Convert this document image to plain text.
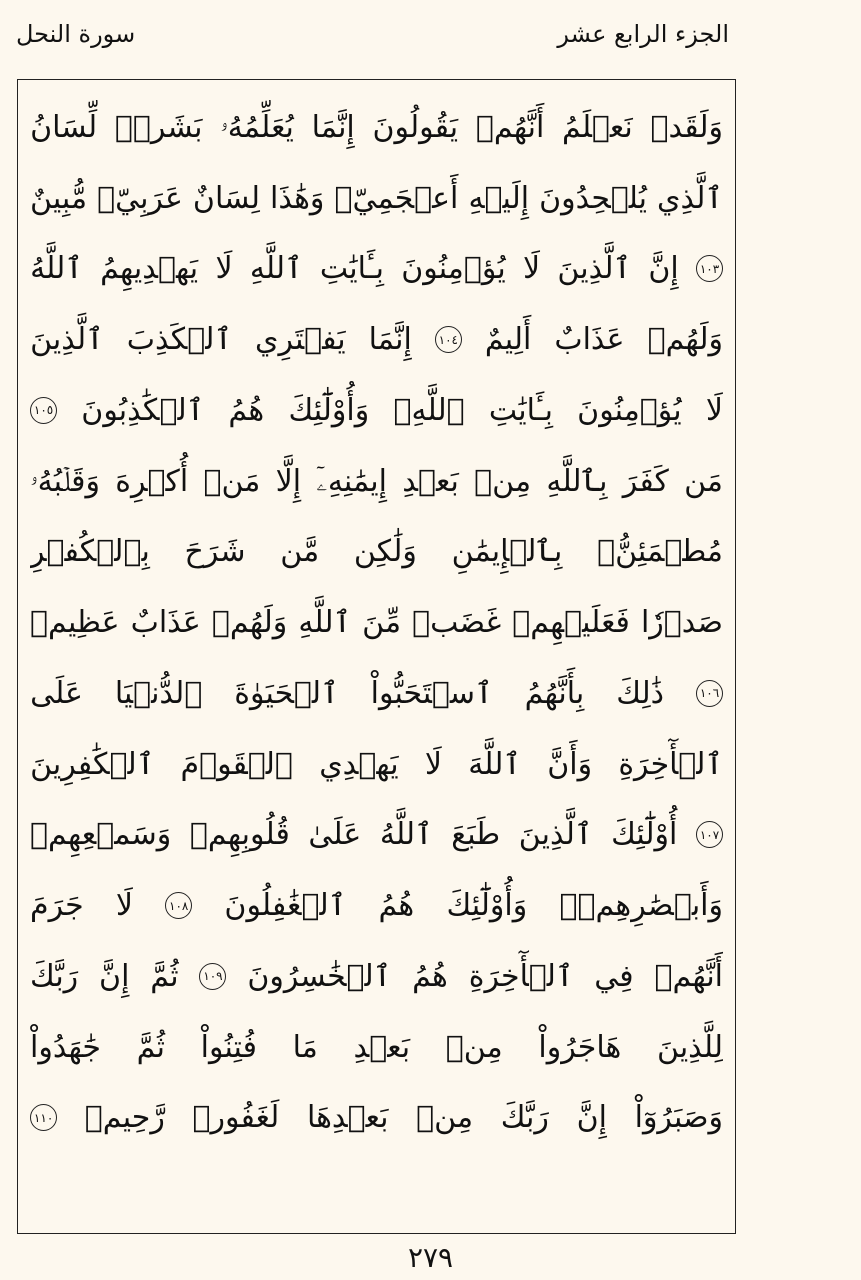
الجزء الرابع عشر
سورة النحل
وَلَقَدۡ
نَعۡلَمُ
أَنَّهُمۡ
يَقُولُونَ
إِنَّمَا
يُعَلِّمُهُۥ
بَشَرٞۗ
لِّسَانُ
ٱلَّذِي
يُلۡحِدُونَ
إِلَيۡهِ
أَعۡجَمِيّٞ
وَهَٰذَا
لِسَانٌ
عَرَبِيّٞ
مُّبِينٌ
١٠٣
إِنَّ
ٱلَّذِينَ
لَا
يُؤۡمِنُونَ
بِـَٔايَٰتِ
ٱللَّهِ
لَا
يَهۡدِيهِمُ
ٱللَّهُ
وَلَهُمۡ
عَذَابٌ
أَلِيمٌ
١٠٤
إِنَّمَا
يَفۡتَرِي
ٱلۡكَذِبَ
ٱلَّذِينَ
لَا
يُؤۡمِنُونَ
بِـَٔايَٰتِ
ٱللَّهِۖ
وَأُوْلَٰٓئِكَ
هُمُ
ٱلۡكَٰذِبُونَ
١٠٥
مَن
كَفَرَ
بِٱللَّهِ
مِنۢ
بَعۡدِ
إِيمَٰنِهِۦٓ
إِلَّا
مَنۡ
أُكۡرِهَ
وَقَلۡبُهُۥ
مُطۡمَئِنُّۢ
بِٱلۡإِيمَٰنِ
وَلَٰكِن
مَّن
شَرَحَ
بِٱلۡكُفۡرِ
صَدۡرٗا
فَعَلَيۡهِمۡ
غَضَبٞ
مِّنَ
ٱللَّهِ
وَلَهُمۡ
عَذَابٌ
عَظِيمٞ
١٠٦
ذَٰلِكَ
بِأَنَّهُمُ
ٱسۡتَحَبُّواْ
ٱلۡحَيَوٰةَ
ٱلدُّنۡيَا
عَلَى
ٱلۡأٓخِرَةِ
وَأَنَّ
ٱللَّهَ
لَا
يَهۡدِي
ٱلۡقَوۡمَ
ٱلۡكَٰفِرِينَ
١٠٧
أُوْلَٰٓئِكَ
ٱلَّذِينَ
طَبَعَ
ٱللَّهُ
عَلَىٰ
قُلُوبِهِمۡ
وَسَمۡعِهِمۡ
وَأَبۡصَٰرِهِمۡۖ
وَأُوْلَٰٓئِكَ
هُمُ
ٱلۡغَٰفِلُونَ
١٠٨
لَا
جَرَمَ
أَنَّهُمۡ
فِي
ٱلۡأٓخِرَةِ
هُمُ
ٱلۡخَٰسِرُونَ
١٠٩
ثُمَّ
إِنَّ
رَبَّكَ
لِلَّذِينَ
هَاجَرُواْ
مِنۢ
بَعۡدِ
مَا
فُتِنُواْ
ثُمَّ
جَٰهَدُواْ
وَصَبَرُوٓاْ
إِنَّ
رَبَّكَ
مِنۢ
بَعۡدِهَا
لَغَفُورٞ
رَّحِيمٞ
١١٠
٢٧٩
